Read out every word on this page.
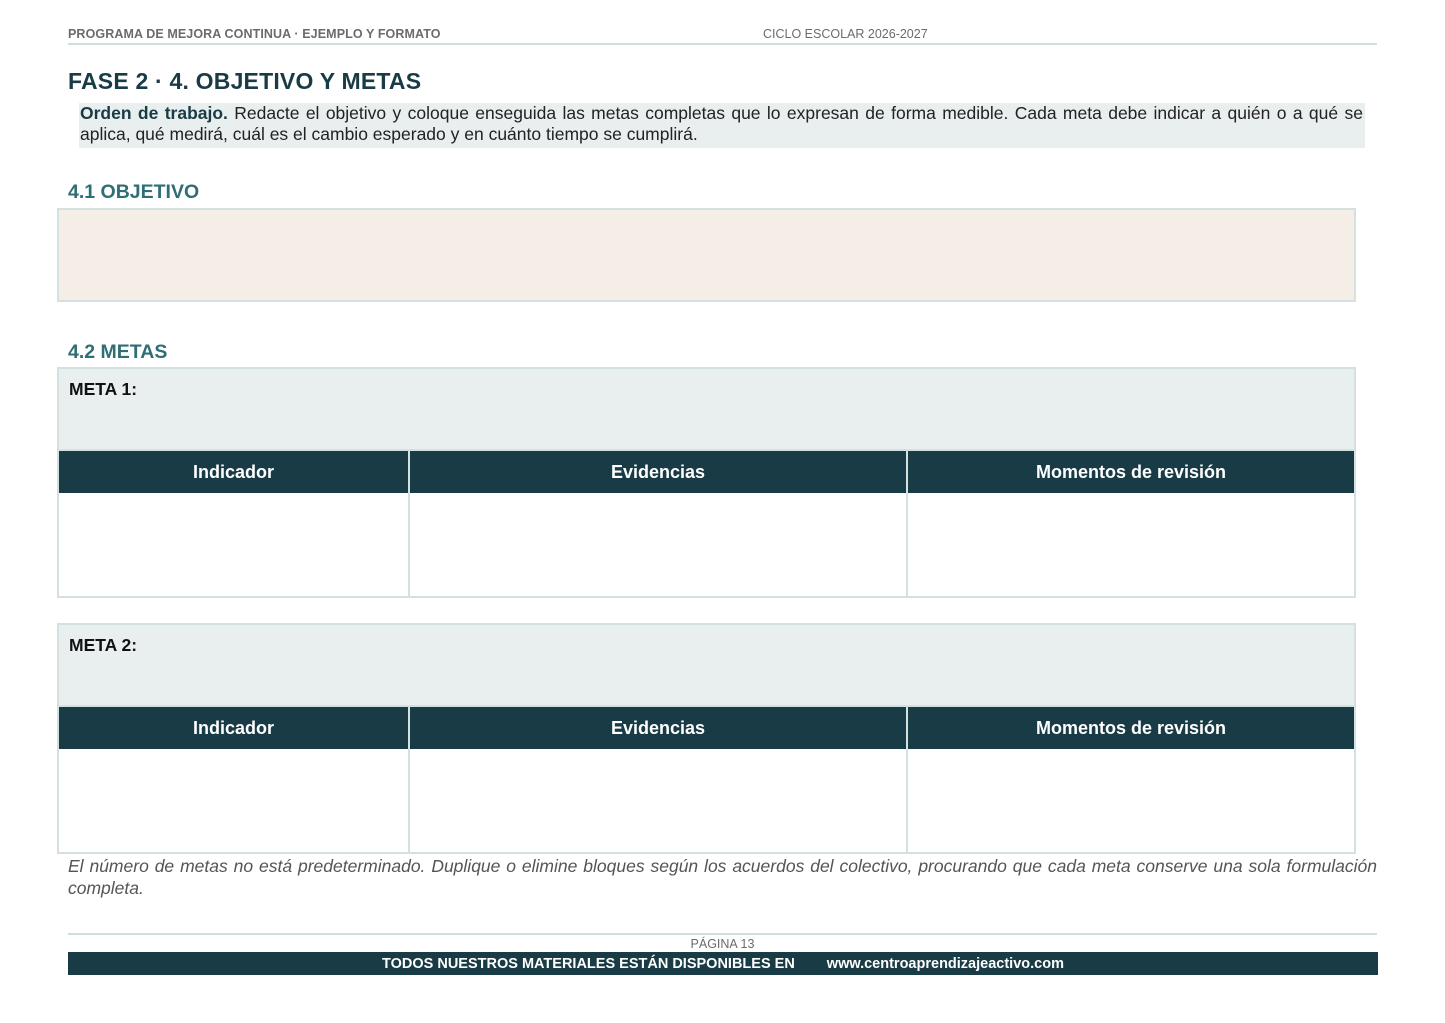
PROGRAMA DE MEJORA CONTINUA · EJEMPLO Y FORMATO	CICLO ESCOLAR 2026-2027
FASE 2 · 4. OBJETIVO Y METAS
Orden de trabajo. Redacte el objetivo y coloque enseguida las metas completas que lo expresan de forma medible. Cada meta debe indicar a quién o a qué se aplica, qué medirá, cuál es el cambio esperado y en cuánto tiempo se cumplirá.
4.1 OBJETIVO
4.2 METAS
META 1:
Indicador	Evidencias	Momentos de revisión
META 2:
Indicador	Evidencias	Momentos de revisión
El número de metas no está predeterminado. Duplique o elimine bloques según los acuerdos del colectivo, procurando que cada meta conserve una sola formulación completa.
PÁGINA 13
TODOS NUESTROS MATERIALES ESTÁN DISPONIBLES EN www.centroaprendizajeactivo.com
